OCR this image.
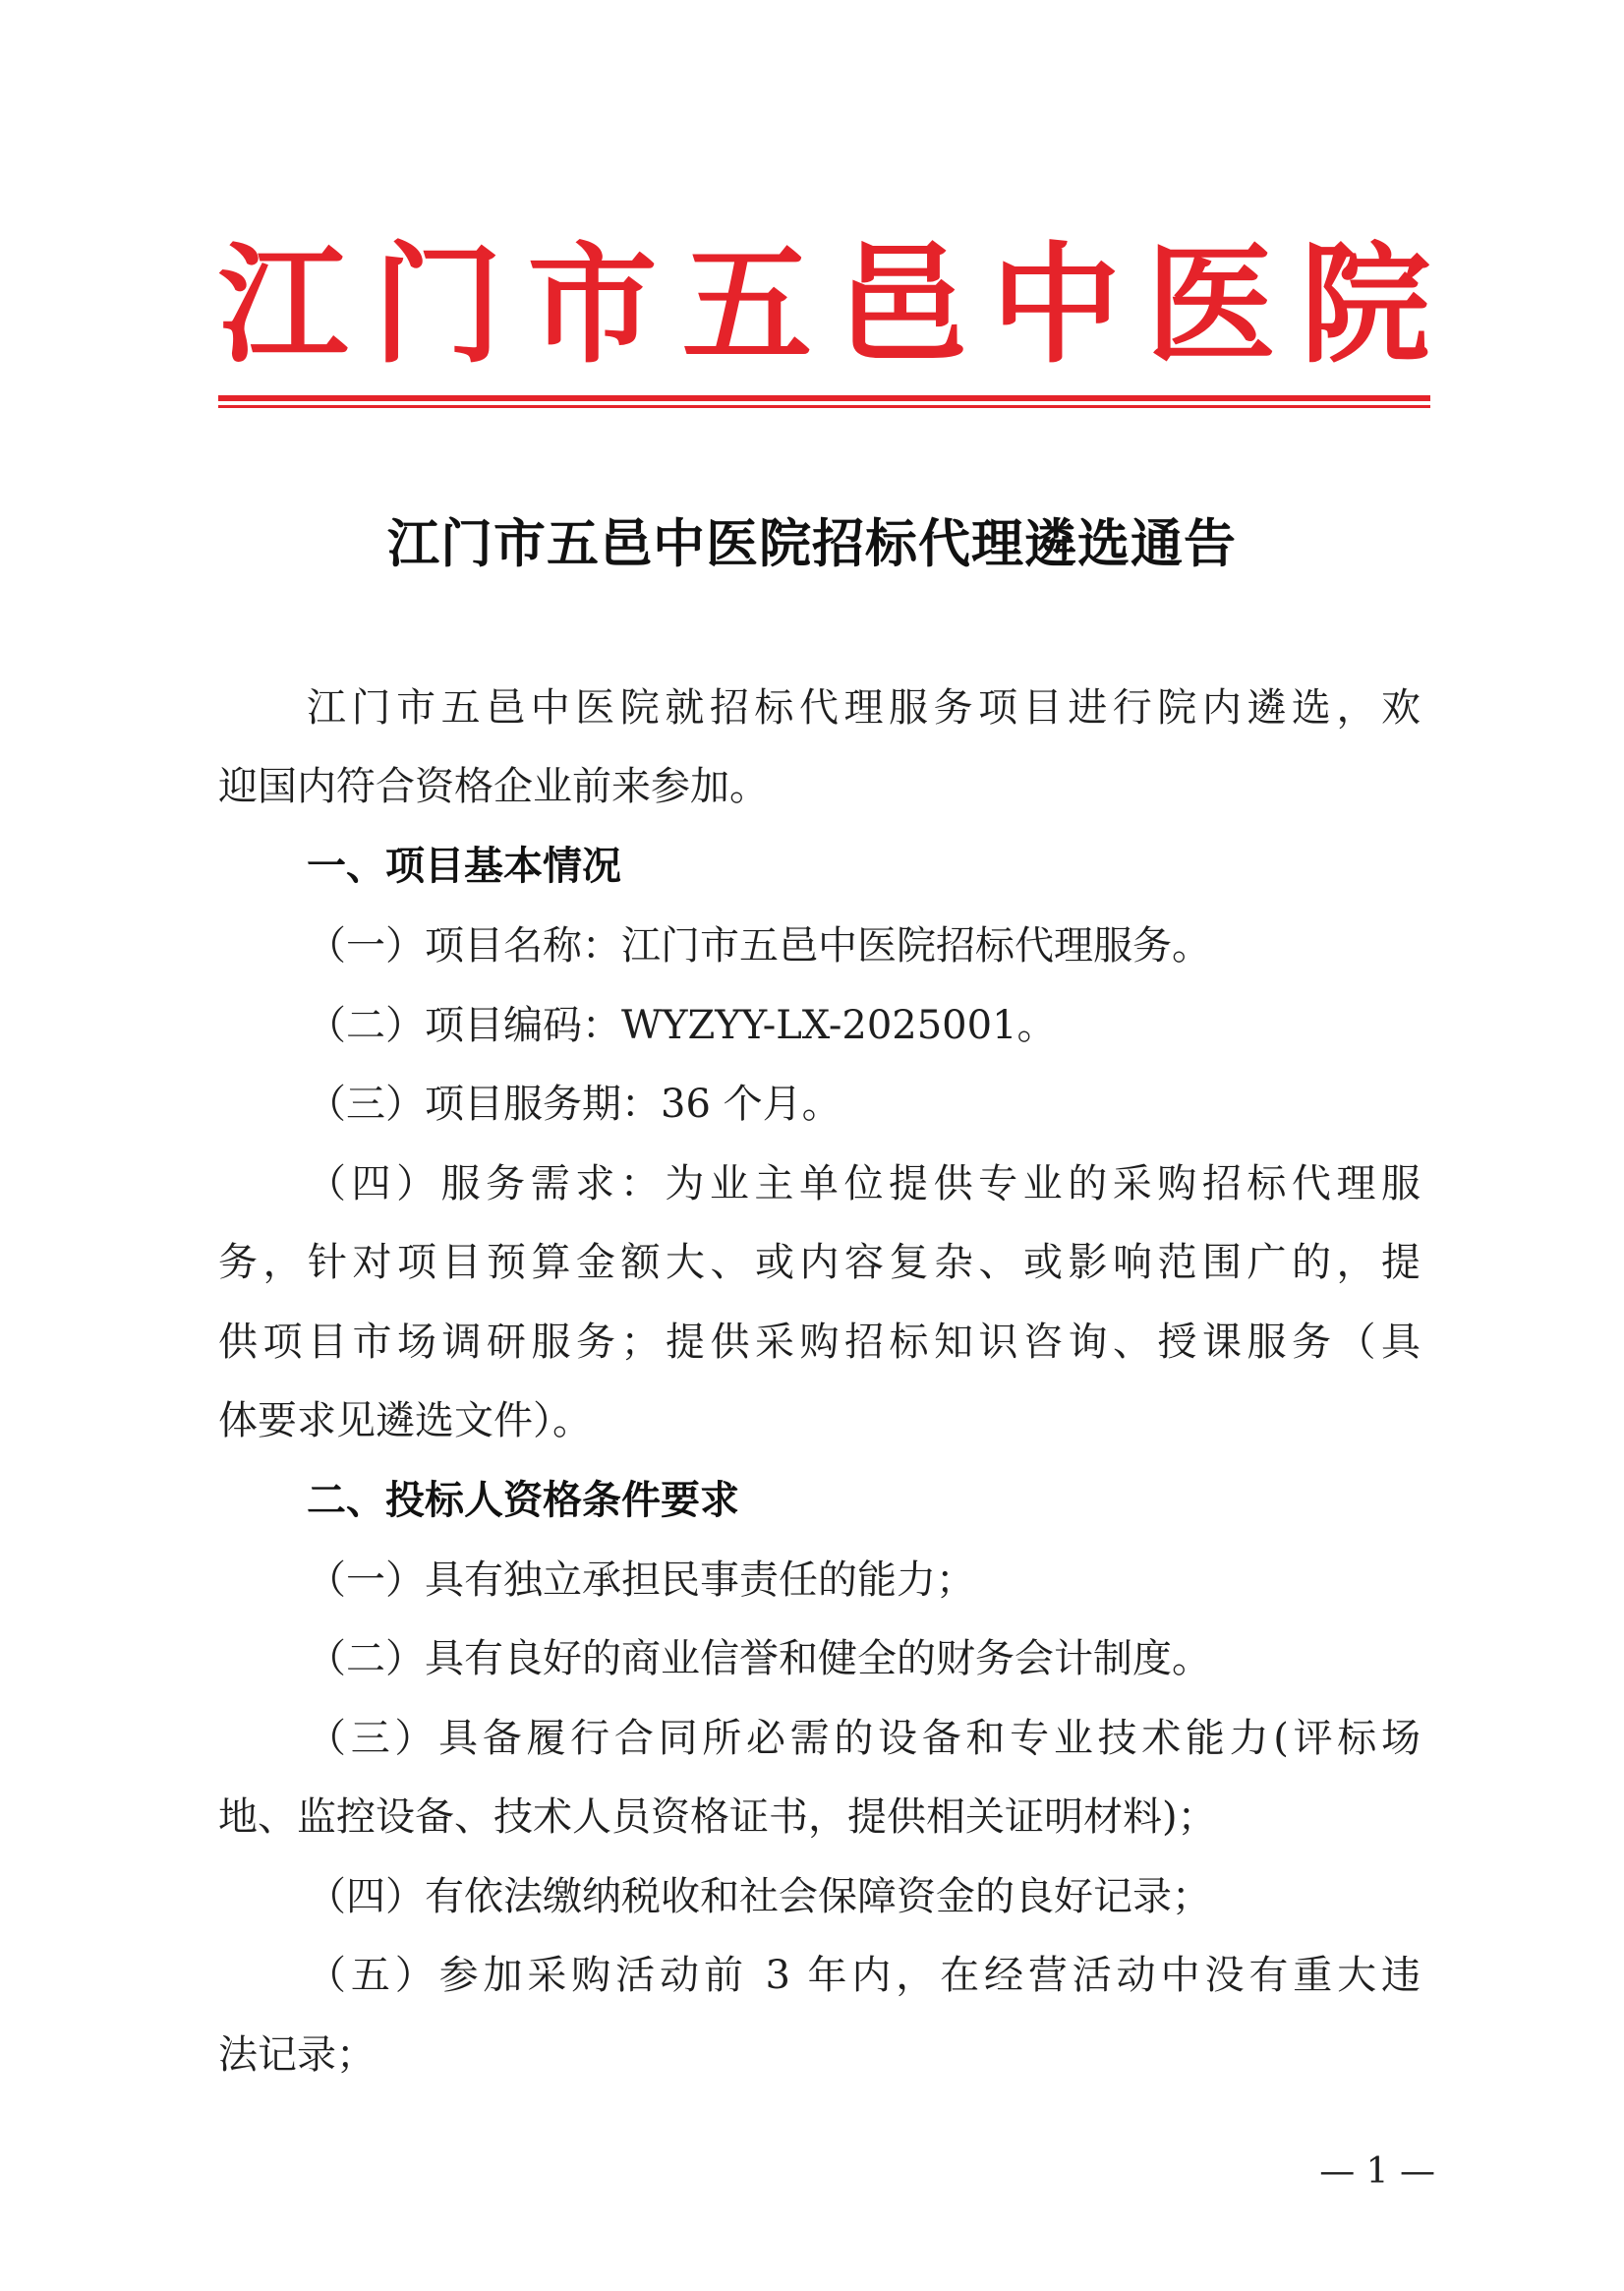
江 门 市 五 邑 中 医 院
江门市五邑中医院招标代理遴选通告
江门市五邑中医院就招标代理服务项目进行院内遴选，欢
迎国内符合资格企业前来参加。
一、项目基本情况
（一）项目名称：江门市五邑中医院招标代理服务。
（二）项目编码：WYZYY-LX-2025001。
（三）项目服务期：36 个月。
（四）服务需求：为业主单位提供专业的采购招标代理服
务，针对项目预算金额大、或内容复杂、或影响范围广的，提
供项目市场调研服务；提供采购招标知识咨询、授课服务（具
体要求见遴选文件）。
二、投标人资格条件要求
（一）具有独立承担民事责任的能力；
（二）具有良好的商业信誉和健全的财务会计制度。
（三）具备履行合同所必需的设备和专业技术能力(评标场
地、监控设备、技术人员资格证书，提供相关证明材料)；
（四）有依法缴纳税收和社会保障资金的良好记录；
（五）参加采购活动前 3 年内，在经营活动中没有重大违
法记录；
— 1 —
